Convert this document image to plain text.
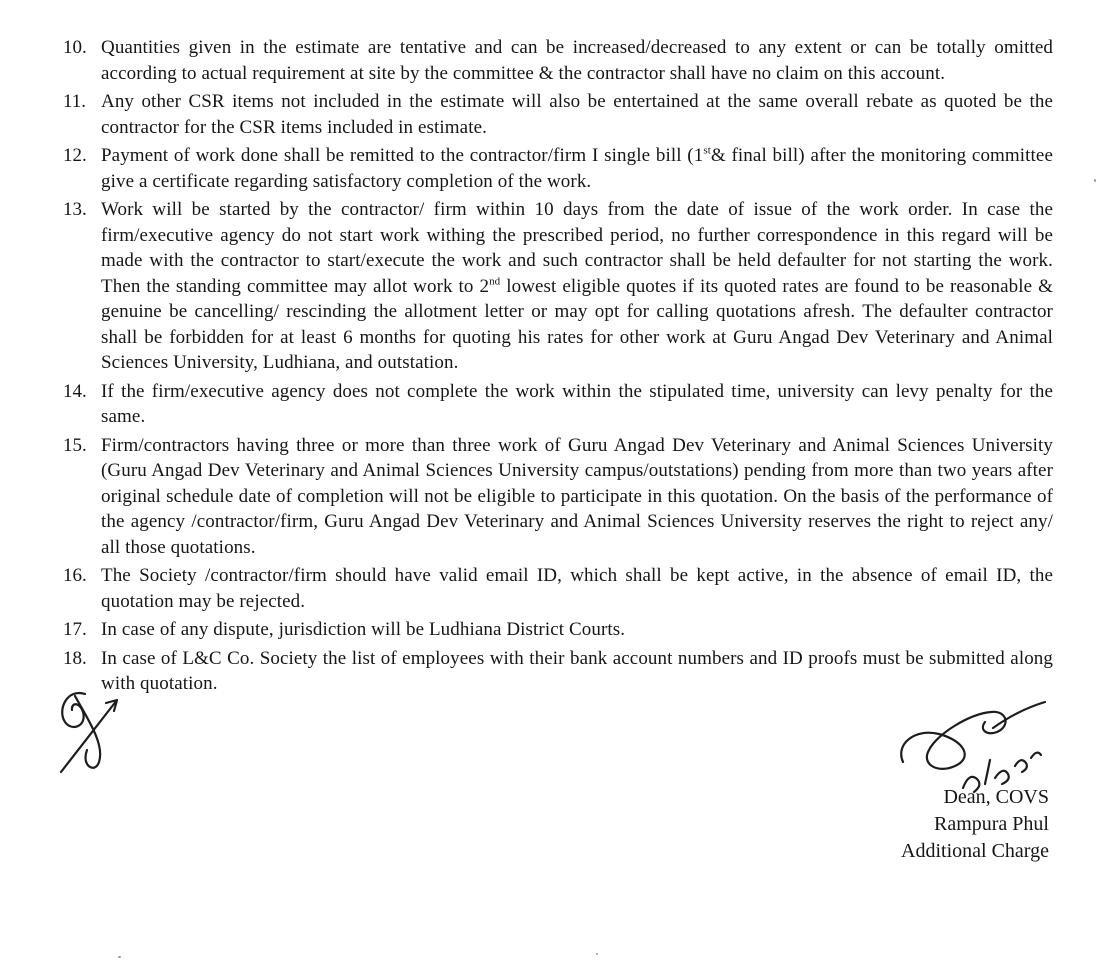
10. Quantities given in the estimate are tentative and can be increased/decreased to any extent or can be totally omitted according to actual requirement at site by the committee & the contractor shall have no claim on this account.
11. Any other CSR items not included in the estimate will also be entertained at the same overall rebate as quoted be the contractor for the CSR items included in estimate.
12. Payment of work done shall be remitted to the contractor/firm I single bill (1st& final bill) after the monitoring committee give a certificate regarding satisfactory completion of the work.
13. Work will be started by the contractor/ firm within 10 days from the date of issue of the work order. In case the firm/executive agency do not start work withing the prescribed period, no further correspondence in this regard will be made with the contractor to start/execute the work and such contractor shall be held defaulter for not starting the work. Then the standing committee may allot work to 2nd lowest eligible quotes if its quoted rates are found to be reasonable & genuine be cancelling/ rescinding the allotment letter or may opt for calling quotations afresh. The defaulter contractor shall be forbidden for at least 6 months for quoting his rates for other work at Guru Angad Dev Veterinary and Animal Sciences University, Ludhiana, and outstation.
14. If the firm/executive agency does not complete the work within the stipulated time, university can levy penalty for the same.
15. Firm/contractors having three or more than three work of Guru Angad Dev Veterinary and Animal Sciences University (Guru Angad Dev Veterinary and Animal Sciences University campus/outstations) pending from more than two years after original schedule date of completion will not be eligible to participate in this quotation. On the basis of the performance of the agency /contractor/firm, Guru Angad Dev Veterinary and Animal Sciences University reserves the right to reject any/ all those quotations.
16. The Society /contractor/firm should have valid email ID, which shall be kept active, in the absence of email ID, the quotation may be rejected.
17. In case of any dispute, jurisdiction will be Ludhiana District Courts.
18. In case of L&C Co. Society the list of employees with their bank account numbers and ID proofs must be submitted along with quotation.
Dean, COVS
Rampura Phul
Additional Charge
